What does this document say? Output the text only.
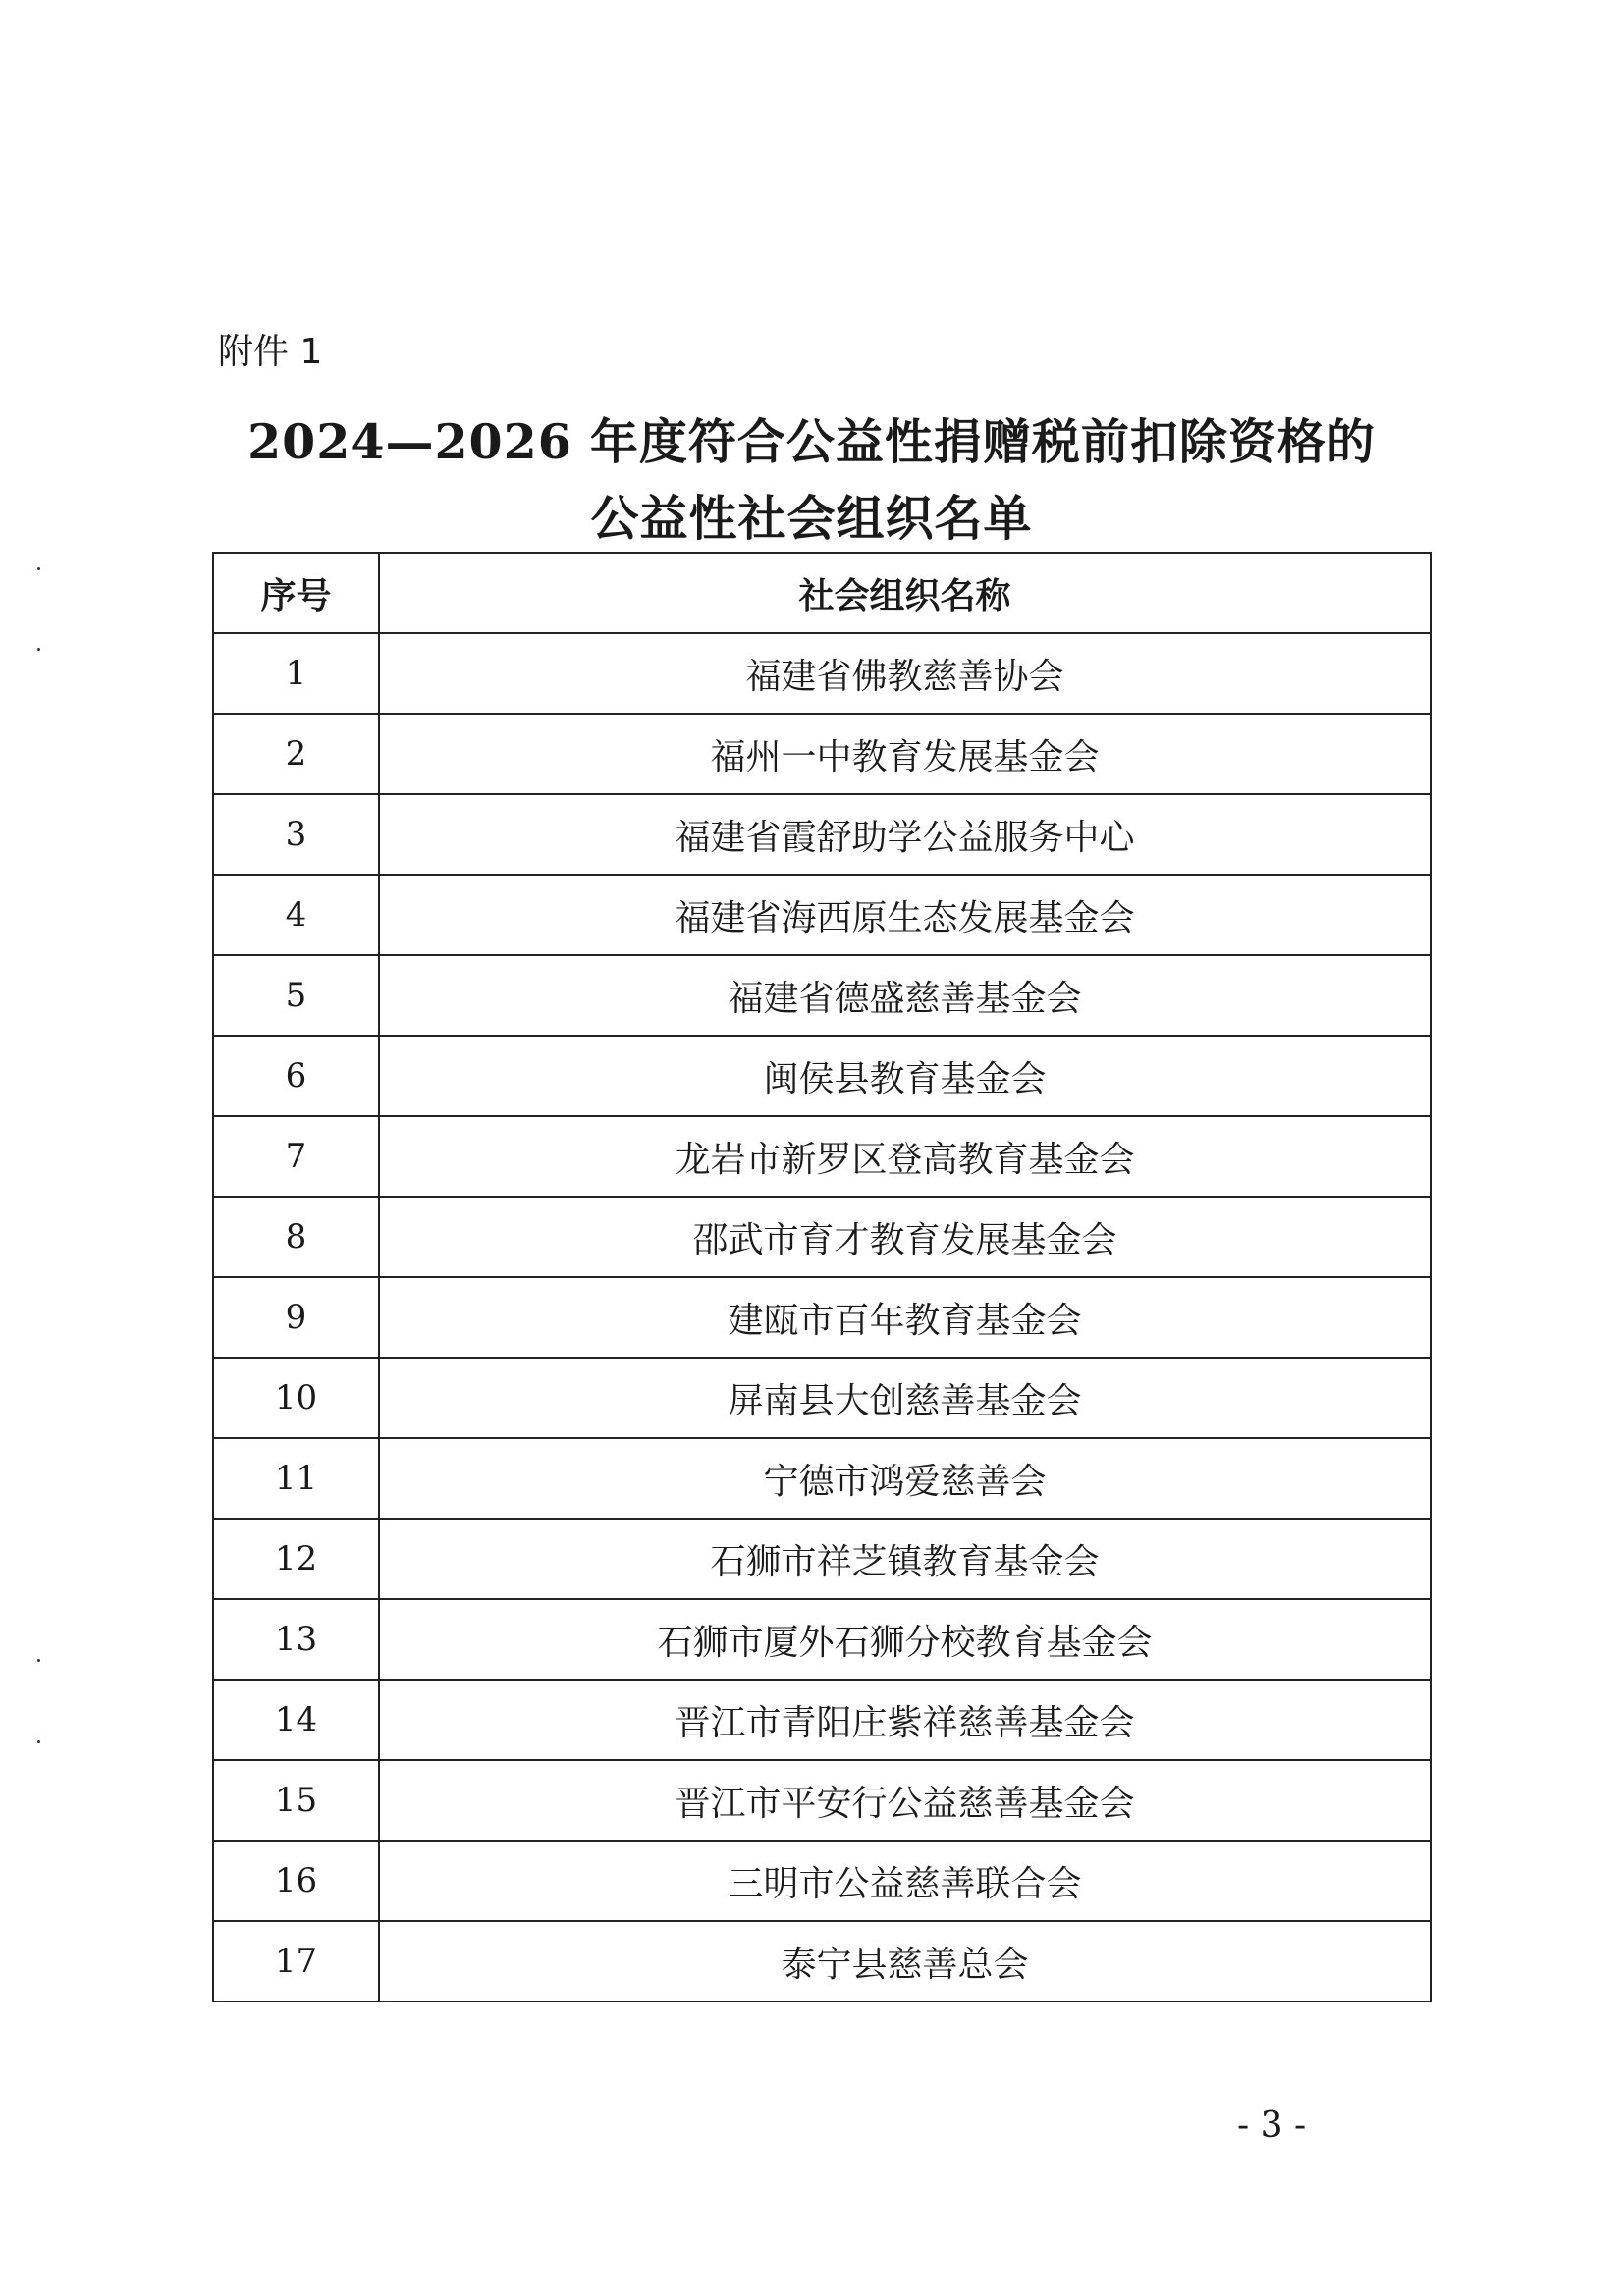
附件 1
2024—2026 年度符合公益性捐赠税前扣除资格的
公益性社会组织名单
序号	社会组织名称
1	福建省佛教慈善协会
2	福州一中教育发展基金会
3	福建省霞舒助学公益服务中心
4	福建省海西原生态发展基金会
5	福建省德盛慈善基金会
6	闽侯县教育基金会
7	龙岩市新罗区登高教育基金会
8	邵武市育才教育发展基金会
9	建瓯市百年教育基金会
10	屏南县大创慈善基金会
11	宁德市鸿爱慈善会
12	石狮市祥芝镇教育基金会
13	石狮市厦外石狮分校教育基金会
14	晋江市青阳庄紫祥慈善基金会
15	晋江市平安行公益慈善基金会
16	三明市公益慈善联合会
17	泰宁县慈善总会
- 3 -
